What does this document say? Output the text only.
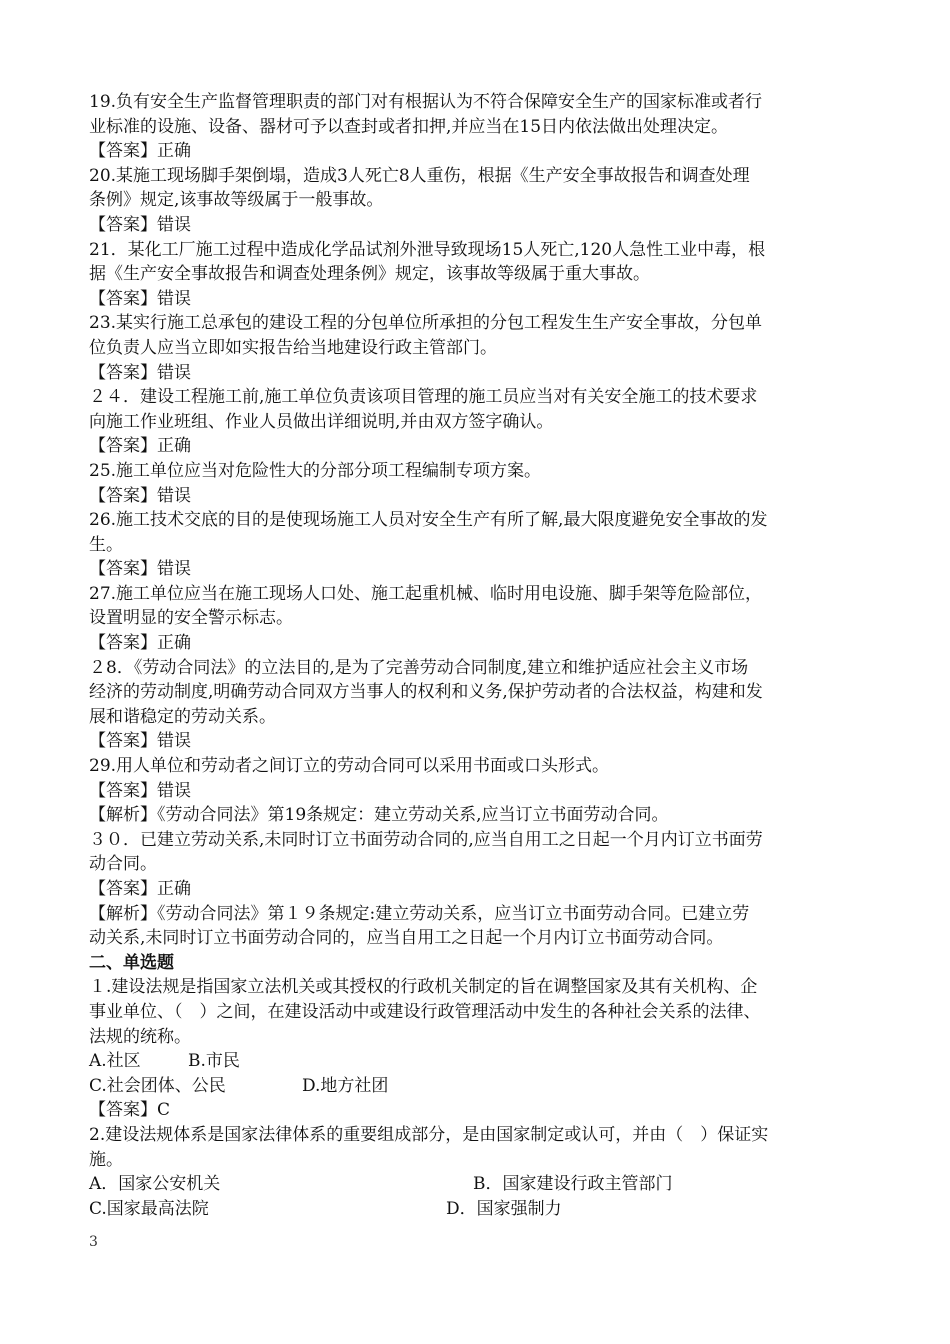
19.负有安全生产监督管理职责的部门对有根据认为不符合保障安全生产的国家标准或者行
业标准的设施、设备、器材可予以查封或者扣押,并应当在15日内依法做出处理决定。
【答案】正确
20.某施工现场脚手架倒塌，造成3人死亡8人重伤，根据《生产安全事故报告和调查处理
条例》规定,该事故等级属于一般事故。
【答案】错误
21．某化工厂施工过程中造成化学品试剂外泄导致现场15人死亡,120人急性工业中毒，根
据《生产安全事故报告和调查处理条例》规定，该事故等级属于重大事故。
【答案】错误
23.某实行施工总承包的建设工程的分包单位所承担的分包工程发生生产安全事故，分包单
位负责人应当立即如实报告给当地建设行政主管部门。
【答案】错误
２４．建设工程施工前,施工单位负责该项目管理的施工员应当对有关安全施工的技术要求
向施工作业班组、作业人员做出详细说明,并由双方签字确认。
【答案】正确
25.施工单位应当对危险性大的分部分项工程编制专项方案。
【答案】错误
26.施工技术交底的目的是使现场施工人员对安全生产有所了解,最大限度避免安全事故的发
生。
【答案】错误
27.施工单位应当在施工现场人口处、施工起重机械、临时用电设施、脚手架等危险部位，
设置明显的安全警示标志。
【答案】正确
２8．《劳动合同法》的立法目的,是为了完善劳动合同制度,建立和维护适应社会主义市场
经济的劳动制度,明确劳动合同双方当事人的权利和义务,保护劳动者的合法权益，构建和发
展和谐稳定的劳动关系。
【答案】错误
29.用人单位和劳动者之间订立的劳动合同可以采用书面或口头形式。
【答案】错误
【解析】《劳动合同法》第19条规定：建立劳动关系,应当订立书面劳动合同。
３０．已建立劳动关系,未同时订立书面劳动合同的,应当自用工之日起一个月内订立书面劳
动合同。
【答案】正确
【解析】《劳动合同法》第１９条规定:建立劳动关系，应当订立书面劳动合同。已建立劳
动关系,未同时订立书面劳动合同的，应当自用工之日起一个月内订立书面劳动合同。
二、单选题
１.建设法规是指国家立法机关或其授权的行政机关制定的旨在调整国家及其有关机构、企
事业单位、（　）之间，在建设活动中或建设行政管理活动中发生的各种社会关系的法律、
法规的统称。
A.社区	B.市民
C.社会团体、公民	D.地方社团
【答案】C
2.建设法规体系是国家法律体系的重要组成部分，是由国家制定或认可，并由（　）保证实
施。
A．国家公安机关	B．国家建设行政主管部门
C.国家最高法院	D．国家强制力
3
